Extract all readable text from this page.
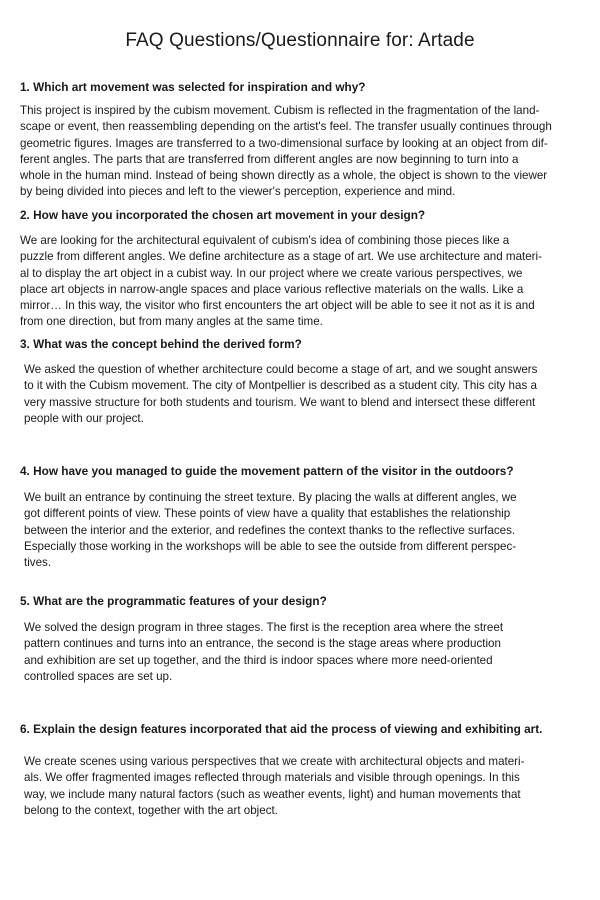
FAQ Questions/Questionnaire for: Artade
1. Which art movement was selected for inspiration and why?

This project is inspired by the cubism movement. Cubism is reflected in the fragmentation of the land-
scape or event, then reassembling depending on the artist's feel. The transfer usually continues through
geometric figures. Images are transferred to a two-dimensional surface by looking at an object from dif-
ferent angles. The parts that are transferred from different angles are now beginning to turn into a
whole in the human mind. Instead of being shown directly as a whole, the object is shown to the viewer
by being divided into pieces and left to the viewer's perception, experience and mind.

2. How have you incorporated the chosen art movement in your design?

We are looking for the architectural equivalent of cubism's idea of combining those pieces like a
puzzle from different angles. We define architecture as a stage of art. We use architecture and materi-
al to display the art object in a cubist way. In our project where we create various perspectives, we
place art objects in narrow-angle spaces and place various reflective materials on the walls. Like a
mirror… In this way, the visitor who first encounters the art object will be able to see it not as it is and
from one direction, but from many angles at the same time.

3. What was the concept behind the derived form?

We asked the question of whether architecture could become a stage of art, and we sought answers
to it with the Cubism movement. The city of Montpellier is described as a student city. This city has a
very massive structure for both students and tourism. We want to blend and intersect these different
people with our project.

4. How have you managed to guide the movement pattern of the visitor in the outdoors?

We built an entrance by continuing the street texture. By placing the walls at different angles, we
got different points of view. These points of view have a quality that establishes the relationship
between the interior and the exterior, and redefines the context thanks to the reflective surfaces.
Especially those working in the workshops will be able to see the outside from different perspec-
tives.

5. What are the programmatic features of your design?

We solved the design program in three stages. The first is the reception area where the street
pattern continues and turns into an entrance, the second is the stage areas where production
and exhibition are set up together, and the third is indoor spaces where more need-oriented
controlled spaces are set up.

6. Explain the design features incorporated that aid the process of viewing and exhibiting art.

We create scenes using various perspectives that we create with architectural objects and materi-
als. We offer fragmented images reflected through materials and visible through openings. In this
way, we include many natural factors (such as weather events, light) and human movements that
belong to the context, together with the art object.
